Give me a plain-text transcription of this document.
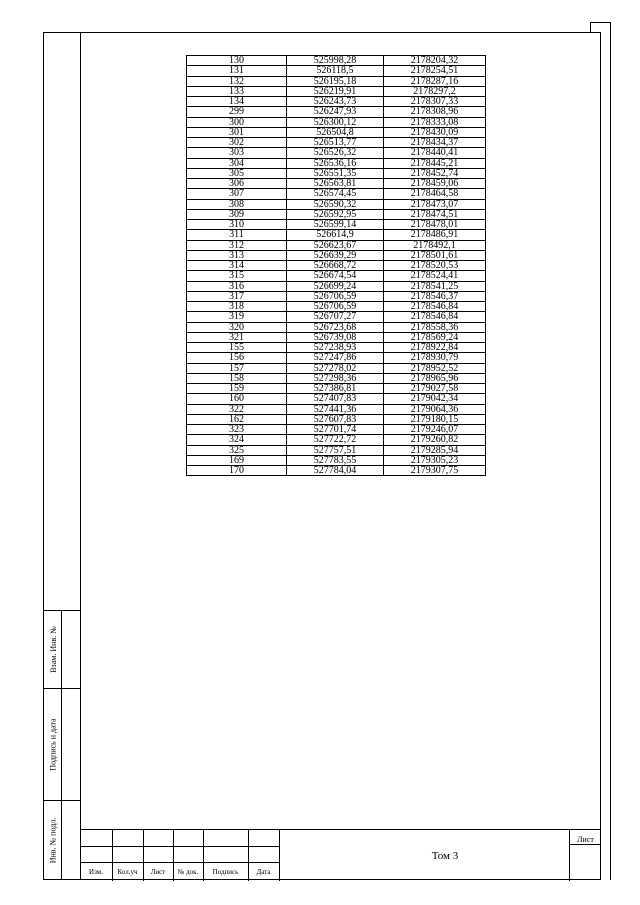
130	525998,28	2178204,32
131	526118,5	2178254,51
132	526195,18	2178287,16
133	526219,91	2178297,2
134	526243,73	2178307,33
299	526247,93	2178308,96
300	526300,12	2178333,08
301	526504,8	2178430,09
302	526513,77	2178434,37
303	526526,32	2178440,41
304	526536,16	2178445,21
305	526551,35	2178452,74
306	526563,81	2178459,06
307	526574,45	2178464,58
308	526590,32	2178473,07
309	526592,95	2178474,51
310	526599,14	2178478,01
311	526614,9	2178486,91
312	526623,67	2178492,1
313	526639,29	2178501,61
314	526668,72	2178520,53
315	526674,54	2178524,41
316	526699,24	2178541,25
317	526706,59	2178546,37
318	526706,59	2178546,84
319	526707,27	2178546,84
320	526723,68	2178558,36
321	526739,08	2178569,24
155	527238,93	2178922,84
156	527247,86	2178930,79
157	527278,02	2178952,52
158	527298,36	2178965,96
159	527386,81	2179027,58
160	527407,83	2179042,34
322	527441,36	2179064,36
162	527607,83	2179180,15
323	527701,74	2179246,07
324	527722,72	2179260,82
325	527757,51	2179285,94
169	527783,55	2179305,23
170	527784,04	2179307,75
Взам. Инв. №
Подпись и дата
Инв. № подл.
Изм.	Кол.уч	Лист	№ док.	Подпись	Дата
Том 3
Лист
